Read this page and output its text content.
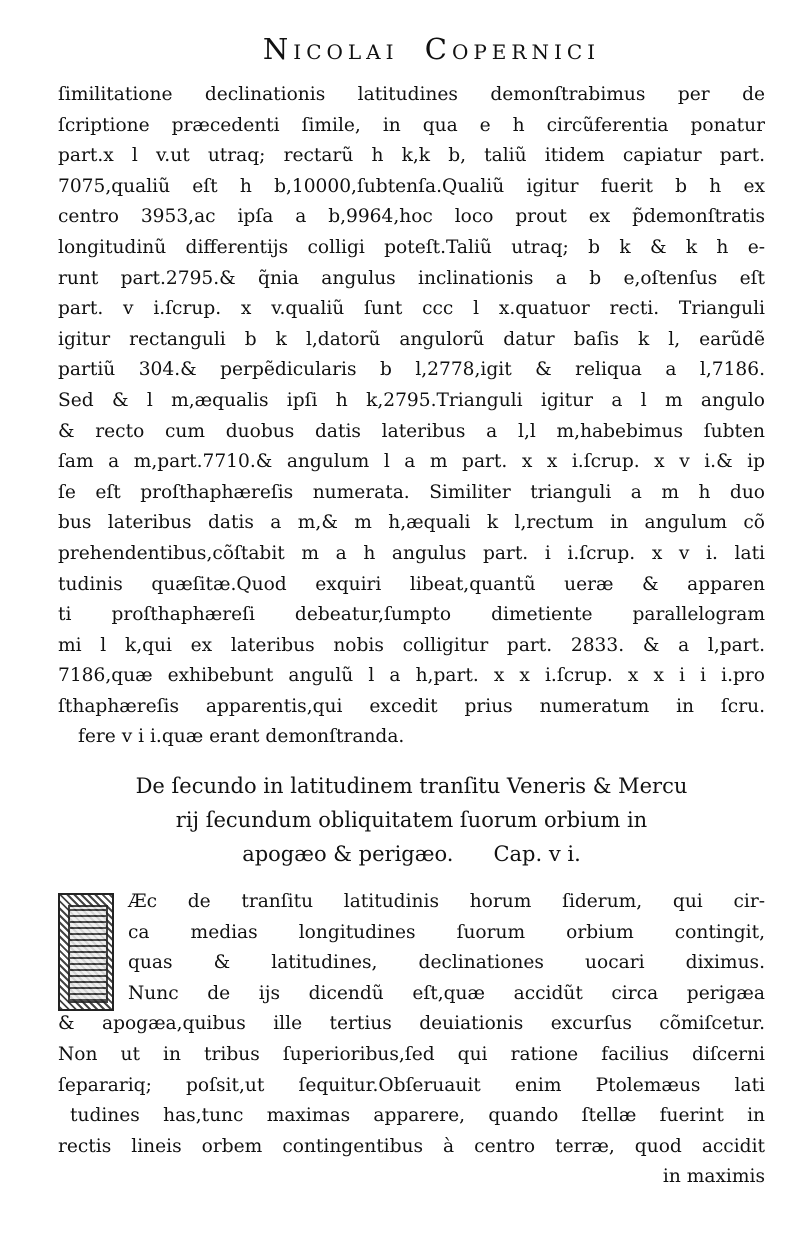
Nicolai Copernici
ſimilitatione declinationis latitudines demonſtrabimus per de
ſcriptione præcedenti ſimile, in qua e h circũferentia ponatur
part.x l v.ut utraq; rectarũ h k,k b, taliũ itidem capiatur part.
7075,qualiũ eſt h b,10000,ſubtenſa.Qualiũ igitur fuerit b h ex
centro 3953,ac ipſa a b,9964,hoc loco prout ex p̃demonſtratis
longitudinũ differentijs colligi poteſt.Taliũ utraq; b k & k h e-
runt part.2795.& q̃nia angulus inclinationis a b e,oſtenſus eſt
part. v i.ſcrup. x v.qualiũ ſunt ccc l x.quatuor recti. Trianguli
igitur rectanguli b k l,datorũ angulorũ datur baſis k l, earũdẽ
partiũ 304.& perpẽdicularis b l,2778,igit & reliqua a l,7186.
Sed & l m,æqualis ipſi h k,2795.Trianguli igitur a l m angulo
& recto cum duobus datis lateribus a l,l m,habebimus ſubten
ſam a m,part.7710.& angulum l a m part. x x i.ſcrup. x v i.& ip
ſe eſt proſthaphæreſis numerata. Similiter trianguli a m h duo
bus lateribus datis a m,& m h,æquali k l,rectum in angulum cõ
prehendentibus,cõſtabit m a h angulus part. i i.ſcrup. x v i. lati
tudinis quæſitæ.Quod exquiri libeat,quantũ ueræ & apparen
ti proſthaphæreſi debeatur,ſumpto dimetiente parallelogram
mi l k,qui ex lateribus nobis colligitur part. 2833. & a l,part.
7186,quæ exhibebunt angulũ l a h,part. x x i.ſcrup. x x i i i.pro
ſthaphæreſis apparentis,qui excedit prius numeratum in ſcru.
fere v i i.quæ erant demonſtranda.
De ſecundo in latitudinem tranſitu Veneris & Mercu
rij ſecundum obliquitatem ſuorum orbium in
apogæo & perigæo.      Cap. v i.
Æc de tranſitu latitudinis horum ſiderum, qui cir-
ca medias longitudines ſuorum orbium contingit,
quas & latitudines, declinationes uocari diximus.
Nunc de ijs dicendũ eſt,quæ accidũt circa perigæa
& apogæa,quibus ille tertius deuiationis excurſus cõmiſcetur.
Non ut in tribus ſuperioribus,ſed qui ratione facilius diſcerni
ſeparariq; poſsit,ut ſequitur.Obſeruauit enim Ptolemæus lati
tudines has,tunc maximas apparere, quando ſtellæ fuerint in
rectis lineis orbem contingentibus à centro terræ, quod accidit
in maximis
